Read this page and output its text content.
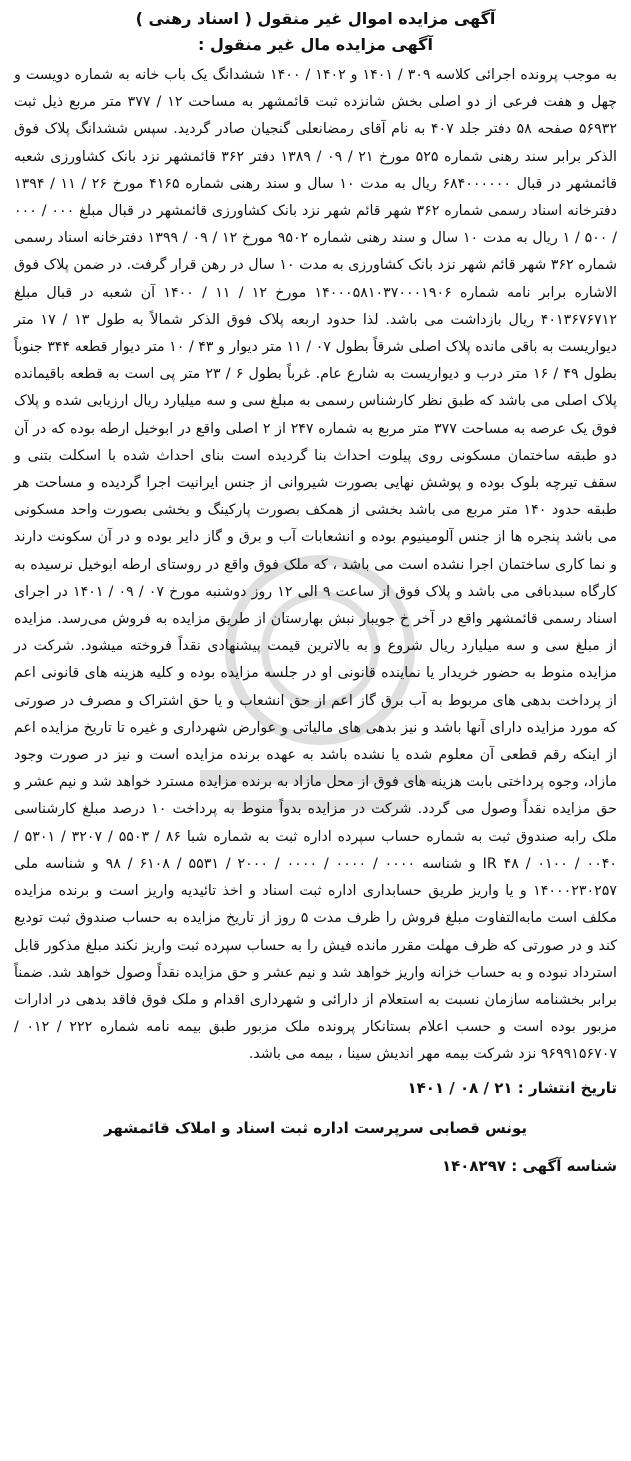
آگهی مزایده اموال غیر منقول ( اسناد رهنی )

آگهی مزایده مال غیر منقول :

به موجب پرونده اجرائی کلاسه ۳۰۹ / ۱۴۰۱ و ۱۴۰۲ / ۱۴۰۰ ششدانگ یک باب خانه به شماره دویست و چهل و هفت فرعی از دو اصلی بخش شانزده ثبت قائمشهر به مساحت ۱۲ / ۳۷۷ متر مربع ذیل ثبت ۵۶۹۳۲ صفحه ۵۸ دفتر جلد ۴۰۷ به نام آقای رمضانعلی گنجیان صادر گردید. سپس ششدانگ پلاک فوق الذکر برابر سند رهنی شماره ۵۲۵ مورخ ۲۱ / ۰۹ / ۱۳۸۹ دفتر ۳۶۲ قائمشهر نزد بانک کشاورزی شعبه قائمشهر در قبال ۶۸۴۰۰۰۰۰۰ ریال به مدت ۱۰ سال و سند رهنی شماره ۴۱۶۵ مورخ ۲۶ / ۱۱ / ۱۳۹۴ دفترخانه اسناد رسمی شماره ۳۶۲ شهر قائم شهر نزد بانک کشاورزی قائمشهر در قبال مبلغ ۰۰۰ / ۰۰۰ / ۵۰۰ / ۱ ریال به مدت ۱۰ سال و سند رهنی شماره ۹۵۰۲ مورخ ۱۲ / ۰۹ / ۱۳۹۹ دفترخانه اسناد رسمی شماره ۳۶۲ شهر قائم شهر نزد بانک کشاورزی به مدت ۱۰ سال در رهن قرار گرفت. در ضمن پلاک فوق الاشاره برابر نامه شماره ۱۴۰۰۰۵۸۱۰۳۷۰۰۰۱۹۰۶ مورخ ۱۲ / ۱۱ / ۱۴۰۰ آن شعبه در قبال مبلغ ۴۰۱۳۶۷۶۷۱۲ ریال بازداشت می باشد. لذا حدود اربعه پلاک فوق الذکر شمالاً به طول ۱۳ / ۱۷ متر دیواریست به باقی مانده پلاک اصلی شرقاً بطول ۰۷ / ۱۱ متر دیوار و ۴۳ / ۱۰ متر دیوار قطعه ۳۴۴ جنوباً بطول ۴۹ / ۱۶ متر درب و دیواریست به شارع عام. غرباً بطول ۶ / ۲۳ متر پی است به قطعه باقیمانده پلاک اصلی می باشد که طبق نظر کارشناس رسمی به مبلغ سی و سه میلیارد ریال ارزیابی شده و پلاک فوق یک عرصه به مساحت ۳۷۷ متر مربع به شماره ۲۴۷ از ۲ اصلی واقع در ابوخیل ارطه بوده که در آن دو طبقه ساختمان مسکونی روی پیلوت احداث بنا گردیده است بنای احداث شده با اسکلت بتنی و سقف تیرچه بلوک بوده و پوشش نهایی بصورت شیروانی از جنس ایرانیت اجرا گردیده و مساحت هر طبقه حدود ۱۴۰ متر مربع می باشد بخشی از همکف بصورت پارکینگ و بخشی بصورت واحد مسکونی می باشد پنجره ها از جنس آلومینیوم بوده و انشعابات آب و برق و گاز دایر بوده و در آن سکونت دارند و نما کاری ساختمان اجرا نشده است می باشد ، که ملک فوق واقع در روستای ارطه ابوخیل نرسیده به کارگاه سبدبافی می باشد و پلاک فوق از ساعت ۹ الی ۱۲ روز دوشنبه مورخ ۰۷ / ۰۹ / ۱۴۰۱ در اجرای اسناد رسمی قائمشهر واقع در آخر خ جویبار نبش بهارستان از طریق مزایده به فروش می‌رسد. مزایده از مبلغ سی و سه میلیارد ریال شروع و به بالاترین قیمت پیشنهادی نقداً فروخته میشود. شرکت در مزایده منوط به حضور خریدار یا نماینده قانونی او در جلسه مزایده بوده و کلیه هزینه های قانونی اعم از پرداخت بدهی های مربوط به آب برق گاز اعم از حق انشعاب و یا حق اشتراک و مصرف در صورتی که مورد مزایده دارای آنها باشد و نیز بدهی های مالیاتی و عوارض شهرداری و غیره تا تاریخ مزایده اعم از اینکه رقم قطعی آن معلوم شده یا نشده باشد به عهده برنده مزایده است و نیز در صورت وجود مازاد، وجوه پرداختی بابت هزینه های فوق از محل مازاد به برنده مزایده مسترد خواهد شد و نیم عشر و حق مزایده نقداً وصول می گردد. شرکت در مزایده بدواً منوط به پرداخت ۱۰ درصد مبلغ کارشناسی ملک رابه صندوق ثبت به شماره حساب سپرده اداره ثبت به شماره شبا ۸۶ / ۵۵۰۳ / ۳۲۰۷ / ۵۳۰۱ / ۰۰۴۰ / ۰۱۰۰ / ۴۸ IR و شناسه ۰۰۰۰ / ۰۰۰۰ / ۰۰۰۰ / ۲۰۰۰ / ۵۵۳۱ / ۶۱۰۸ / ۹۸ و شناسه ملی ۱۴۰۰۰۲۳۰۲۵۷ و یا واریز طریق حسابداری اداره ثبت اسناد و اخذ تائیدیه واریز است و برنده مزایده مکلف است مابه‌التفاوت مبلغ فروش را ظرف مدت ۵ روز از تاریخ مزایده به حساب صندوق ثبت تودیع کند و در صورتی که ظرف مهلت مقرر مانده فیش را به حساب سپرده ثبت واریز نکند مبلغ مذکور قابل استرداد نبوده و به حساب خزانه واریز خواهد شد و نیم عشر و حق مزایده نقداً وصول خواهد شد. ضمناً برابر بخشنامه سازمان نسبت به استعلام از دارائی و شهرداری اقدام و ملک فوق فاقد بدهی در ادارات مزبور بوده است و حسب اعلام بستانکار پرونده ملک مزبور طبق بیمه نامه شماره ۲۲۲ / ۰۱۲ / ۹۶۹۹۱۵۶۷۰۷ نزد شرکت بیمه مهر اندیش سینا ، بیمه می باشد.

تاریخ انتشار : ۲۱ / ۰۸ / ۱۴۰۱

یونس قصابی سرپرست اداره ثبت اسناد و املاک قائمشهر

شناسه آگهی : ۱۴۰۸۲۹۷
